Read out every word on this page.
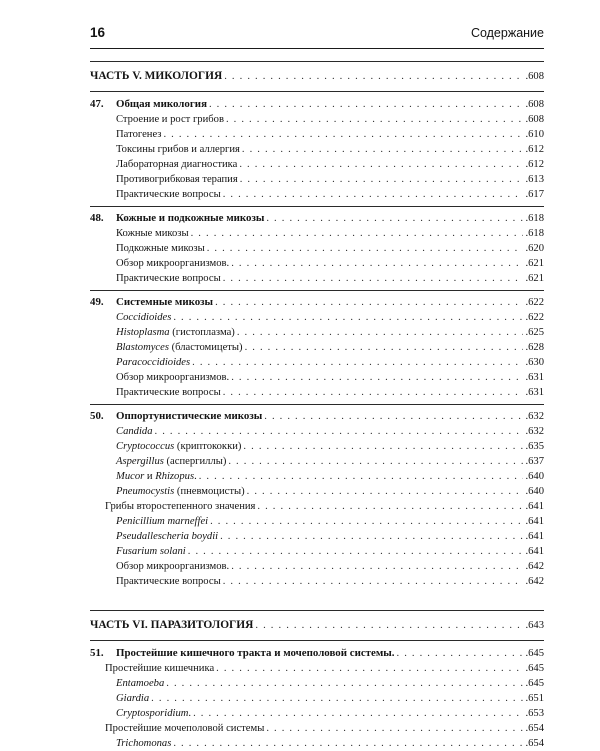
16	Содержание
ЧАСТЬ V. МИКОЛОГИЯ . . .	.608
47. Общая микология . . .	.608
Строение и рост грибов . . .	.608
Патогенез . . .	.610
Токсины грибов и аллергия . . .	.612
Лабораторная диагностика . . .	.612
Противогрибковая терапия . . .	.613
Практические вопросы . . .	.617
48. Кожные и подкожные микозы . . .	.618
Кожные микозы . . .	.618
Подкожные микозы . . .	.620
Обзор микроорганизмов. . . .	.621
Практические вопросы . . .	.621
49. Системные микозы . . .	.622
Coccidioides . . .	.622
Histoplasma (гистоплазма) . . .	.625
Blastomyces (бластомицеты) . . .	.628
Paracoccidioides . . .	.630
Обзор микроорганизмов. . . .	.631
Практические вопросы . . .	.631
50. Оппортунистические микозы . . .	.632
Candida . . .	.632
Cryptococcus (криптококки) . . .	.635
Aspergillus (аспергиллы) . . .	.637
Mucor и Rhizopus. . . .	.640
Pneumocystis (пневмоцисты) . . .	.640
Грибы второстепенного значения . . .	.641
Penicillium marneffei . . .	.641
Pseudallescheria boydii . . .	.641
Fusarium solani . . .	.641
Обзор микроорганизмов. . . .	.642
Практические вопросы . . .	.642
ЧАСТЬ VI. ПАРАЗИТОЛОГИЯ . . .	.643
51. Простейшие кишечного тракта и мочеполовой системы. . . .	.645
Простейшие кишечника . . .	.645
Entamoeba . . .	.645
Giardia . . .	.651
Cryptosporidium. . . .	.653
Простейшие мочеполовой системы . . .	.654
Trichomonas . . .	.654
